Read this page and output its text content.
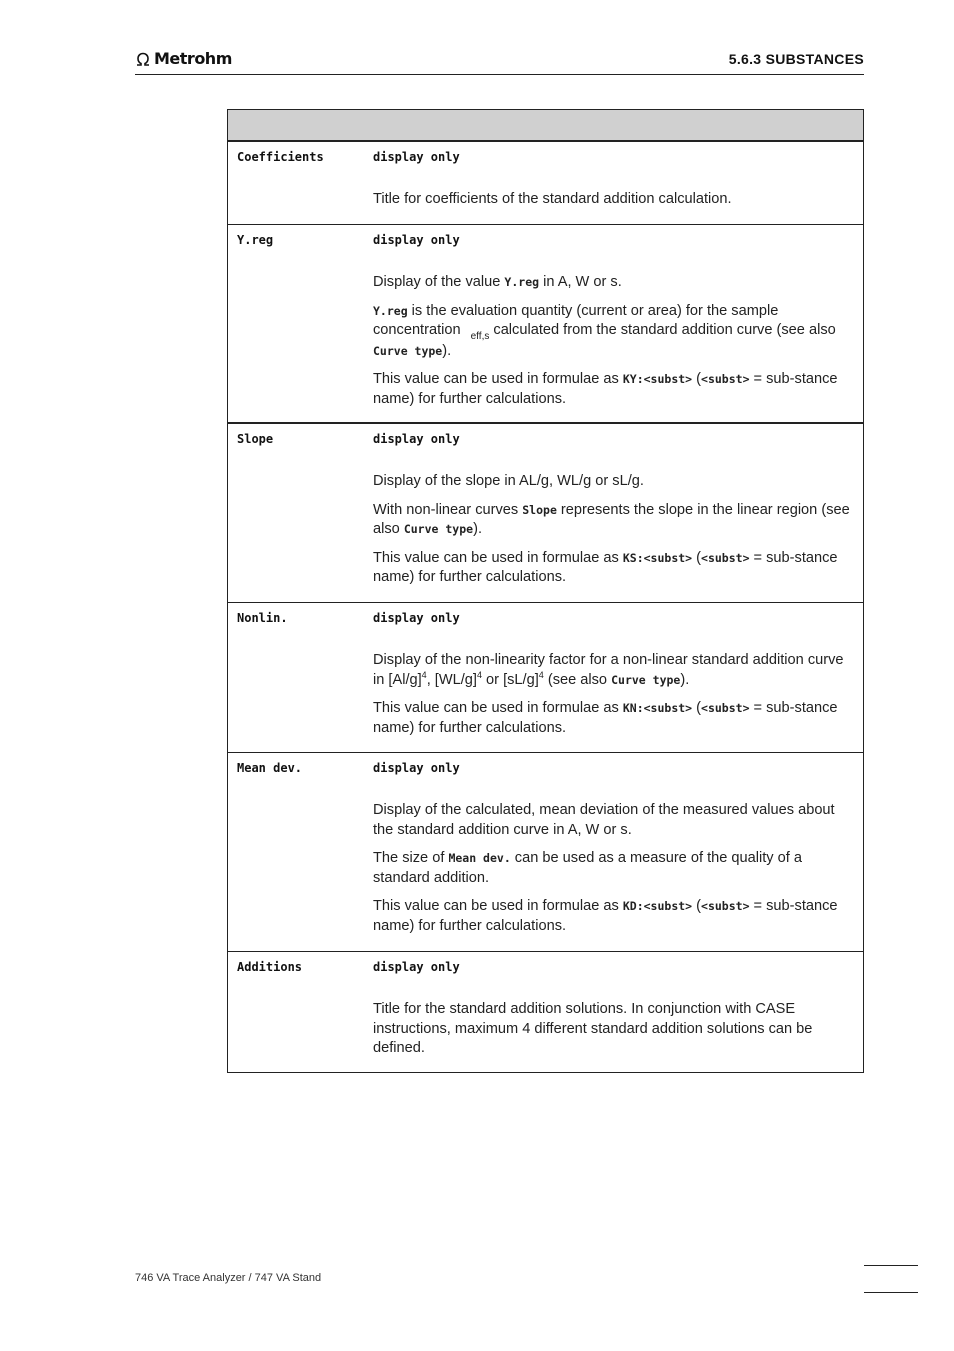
Metrohm	5.6.3 SUBSTANCES
Coefficients	display only

Title for coefficients of the standard addition calculation.

Y.reg	display only

Display of the value Y.reg in A, W or s.

Y.reg is the evaluation quantity (current or area) for the sample concentration $_{eff,s}$ calculated from the standard addition curve (see also Curve type).

This value can be used in formulae as KY:<subst> (<subst> = sub-stance name) for further calculations.

Slope	display only

Display of the slope in AL/g, WL/g or sL/g.

With non-linear curves Slope represents the slope in the linear region (see also Curve type).

This value can be used in formulae as KS:<subst> (<subst> = sub-stance name) for further calculations.

Nonlin.	display only

Display of the non-linearity factor for a non-linear standard addition curve in $[Al/g]^4$, $[WL/g]^4$ or $[sL/g]^4$ (see also Curve type).

This value can be used in formulae as KN:<subst> (<subst> = sub-stance name) for further calculations.

Mean dev.	display only

Display of the calculated, mean deviation of the measured values about the standard addition curve in A, W or s.

The size of Mean dev. can be used as a measure of the quality of a standard addition.

This value can be used in formulae as KD:<subst> (<subst> = sub-stance name) for further calculations.

Additions	display only

Title for the standard addition solutions. In conjunction with CASE instructions, maximum 4 different standard addition solutions can be defined.

746 VA Trace Analyzer / 747 VA Stand
